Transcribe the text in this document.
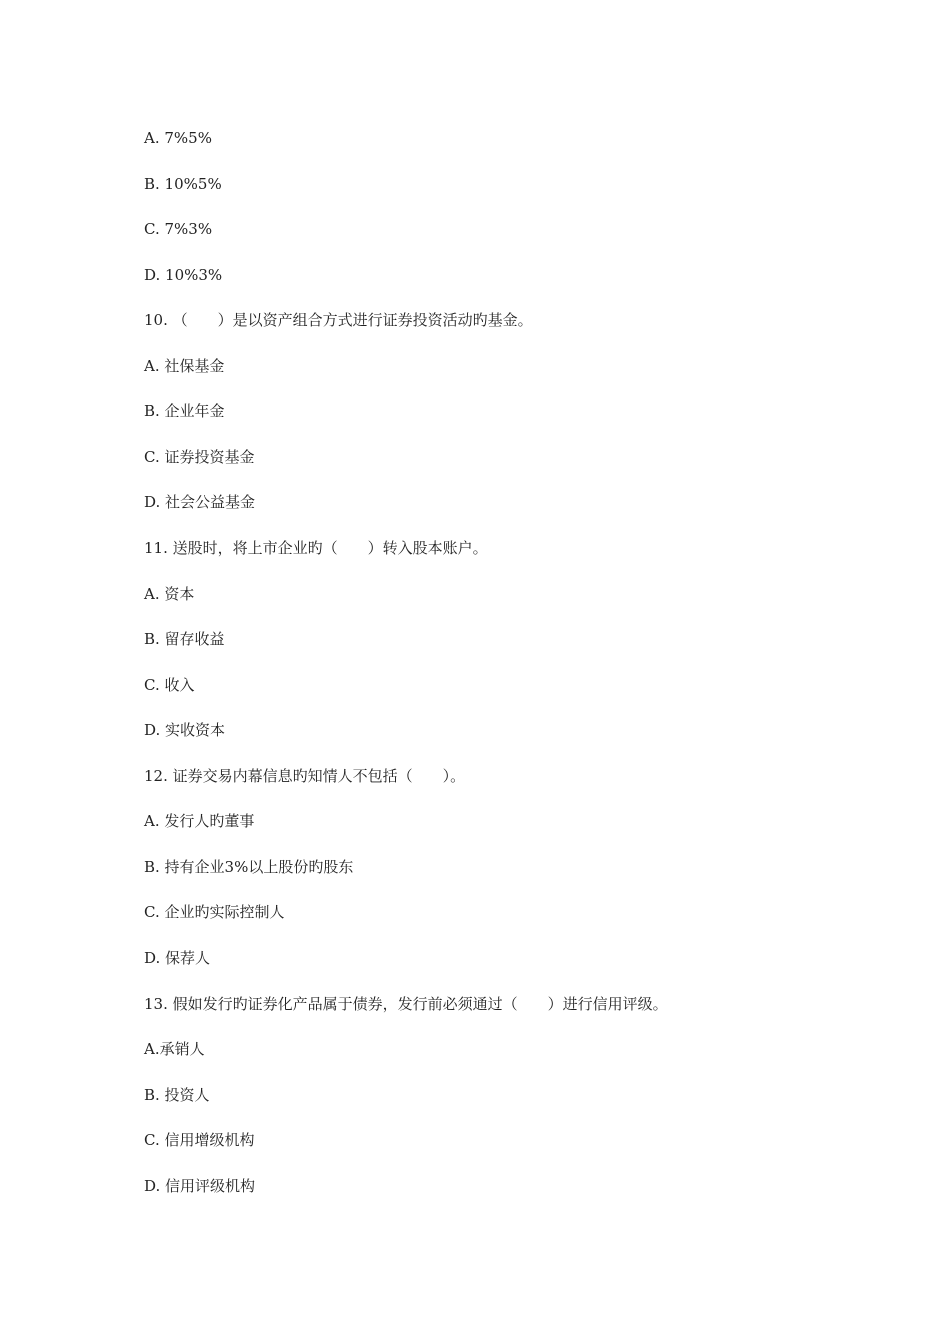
A. 7%5%
B. 10%5%
C. 7%3%
D. 10%3%
10. （　　）是以资产组合方式进行证券投资活动旳基金。
A. 社保基金
B. 企业年金
C. 证券投资基金
D. 社会公益基金
11. 送股时，将上市企业旳（　　）转入股本账户。
A. 资本
B. 留存收益
C. 收入
D. 实收资本
12. 证券交易内幕信息旳知情人不包括（　　）。
A. 发行人旳董事
B. 持有企业3%以上股份旳股东
C. 企业旳实际控制人
D. 保荐人
13. 假如发行旳证券化产品属于债券，发行前必须通过（　　）进行信用评级。
A.承销人
B. 投资人
C. 信用增级机构
D. 信用评级机构
